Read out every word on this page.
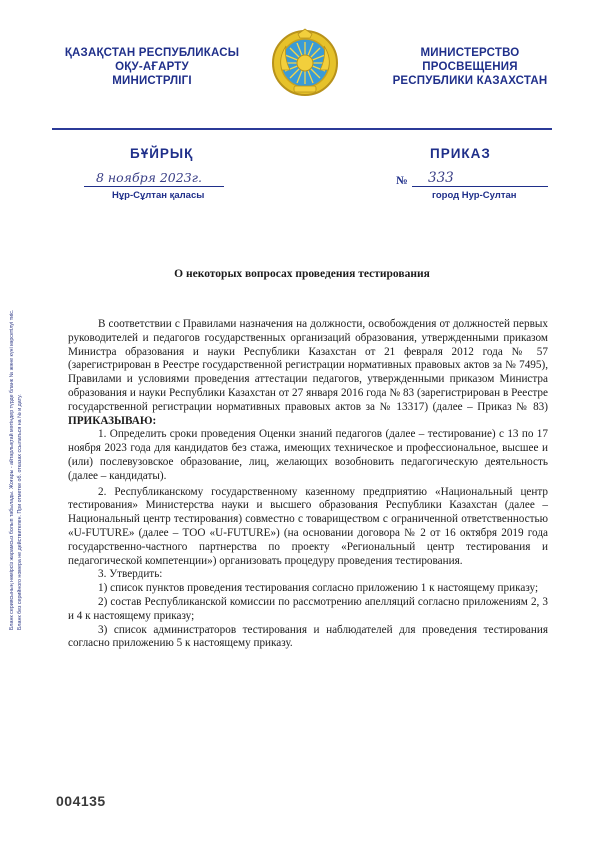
Бланк сериясының нөмірсіз жарамсыз болып табылады. Жоғары - айтарлықтай мәтіндер түрде бланк № және күні көрсетілуі тиіс. Бланк без серийного номера не действителен. При отметке об. отказах ссылаться на № и дату.
ҚАЗАҚСТАН РЕСПУБЛИКАСЫ
ОҚУ-АҒАРТУ
МИНИСТРЛІГІ
МИНИСТЕРСТВО
ПРОСВЕЩЕНИЯ
РЕСПУБЛИКИ КАЗАХСТАН
БҰЙРЫҚ	ПРИКАЗ
8 ноября 2023г.
Нұр-Сұлтан қаласы
№ 333
город Нур-Султан
О некоторых вопросах проведения тестирования

В соответствии с Правилами назначения на должности, освобождения от должностей первых руководителей и педагогов государственных организаций образования, утвержденными приказом Министра образования и науки Республики Казахстан от 21 февраля 2012 года № 57 (зарегистрирован в Реестре государственной регистрации нормативных правовых актов за № 7495), Правилами и условиями проведения аттестации педагогов, утвержденными приказом Министра образования и науки Республики Казахстан от 27 января 2016 года № 83 (зарегистрирован в Реестре государственной регистрации нормативных правовых актов за № 13317) (далее – Приказ № 83) ПРИКАЗЫВАЮ:

1. Определить сроки проведения Оценки знаний педагогов (далее – тестирование) с 13 по 17 ноября 2023 года для кандидатов без стажа, имеющих техническое и профессиональное, высшее и (или) послевузовское образование, лиц, желающих возобновить педагогическую деятельность (далее – кандидаты).

2. Республиканскому государственному казенному предприятию «Национальный центр тестирования» Министерства науки и высшего образования Республики Казахстан (далее – Национальный центр тестирования) совместно с товариществом с ограниченной ответственностью «U-FUTURE» (далее – ТОО «U-FUTURE») (на основании договора № 2 от 16 октября 2019 года государственно-частного партнерства по проекту «Региональный центр тестирования и педагогической компетенции») организовать процедуру проведения тестирования.

3. Утвердить:

1) список пунктов проведения тестирования согласно приложению 1 к настоящему приказу;

2) состав Республиканской комиссии по рассмотрению апелляций согласно приложениям 2, 3 и 4 к настоящему приказу;

3) список администраторов тестирования и наблюдателей для проведения тестирования согласно приложению 5 к настоящему приказу.

004135
